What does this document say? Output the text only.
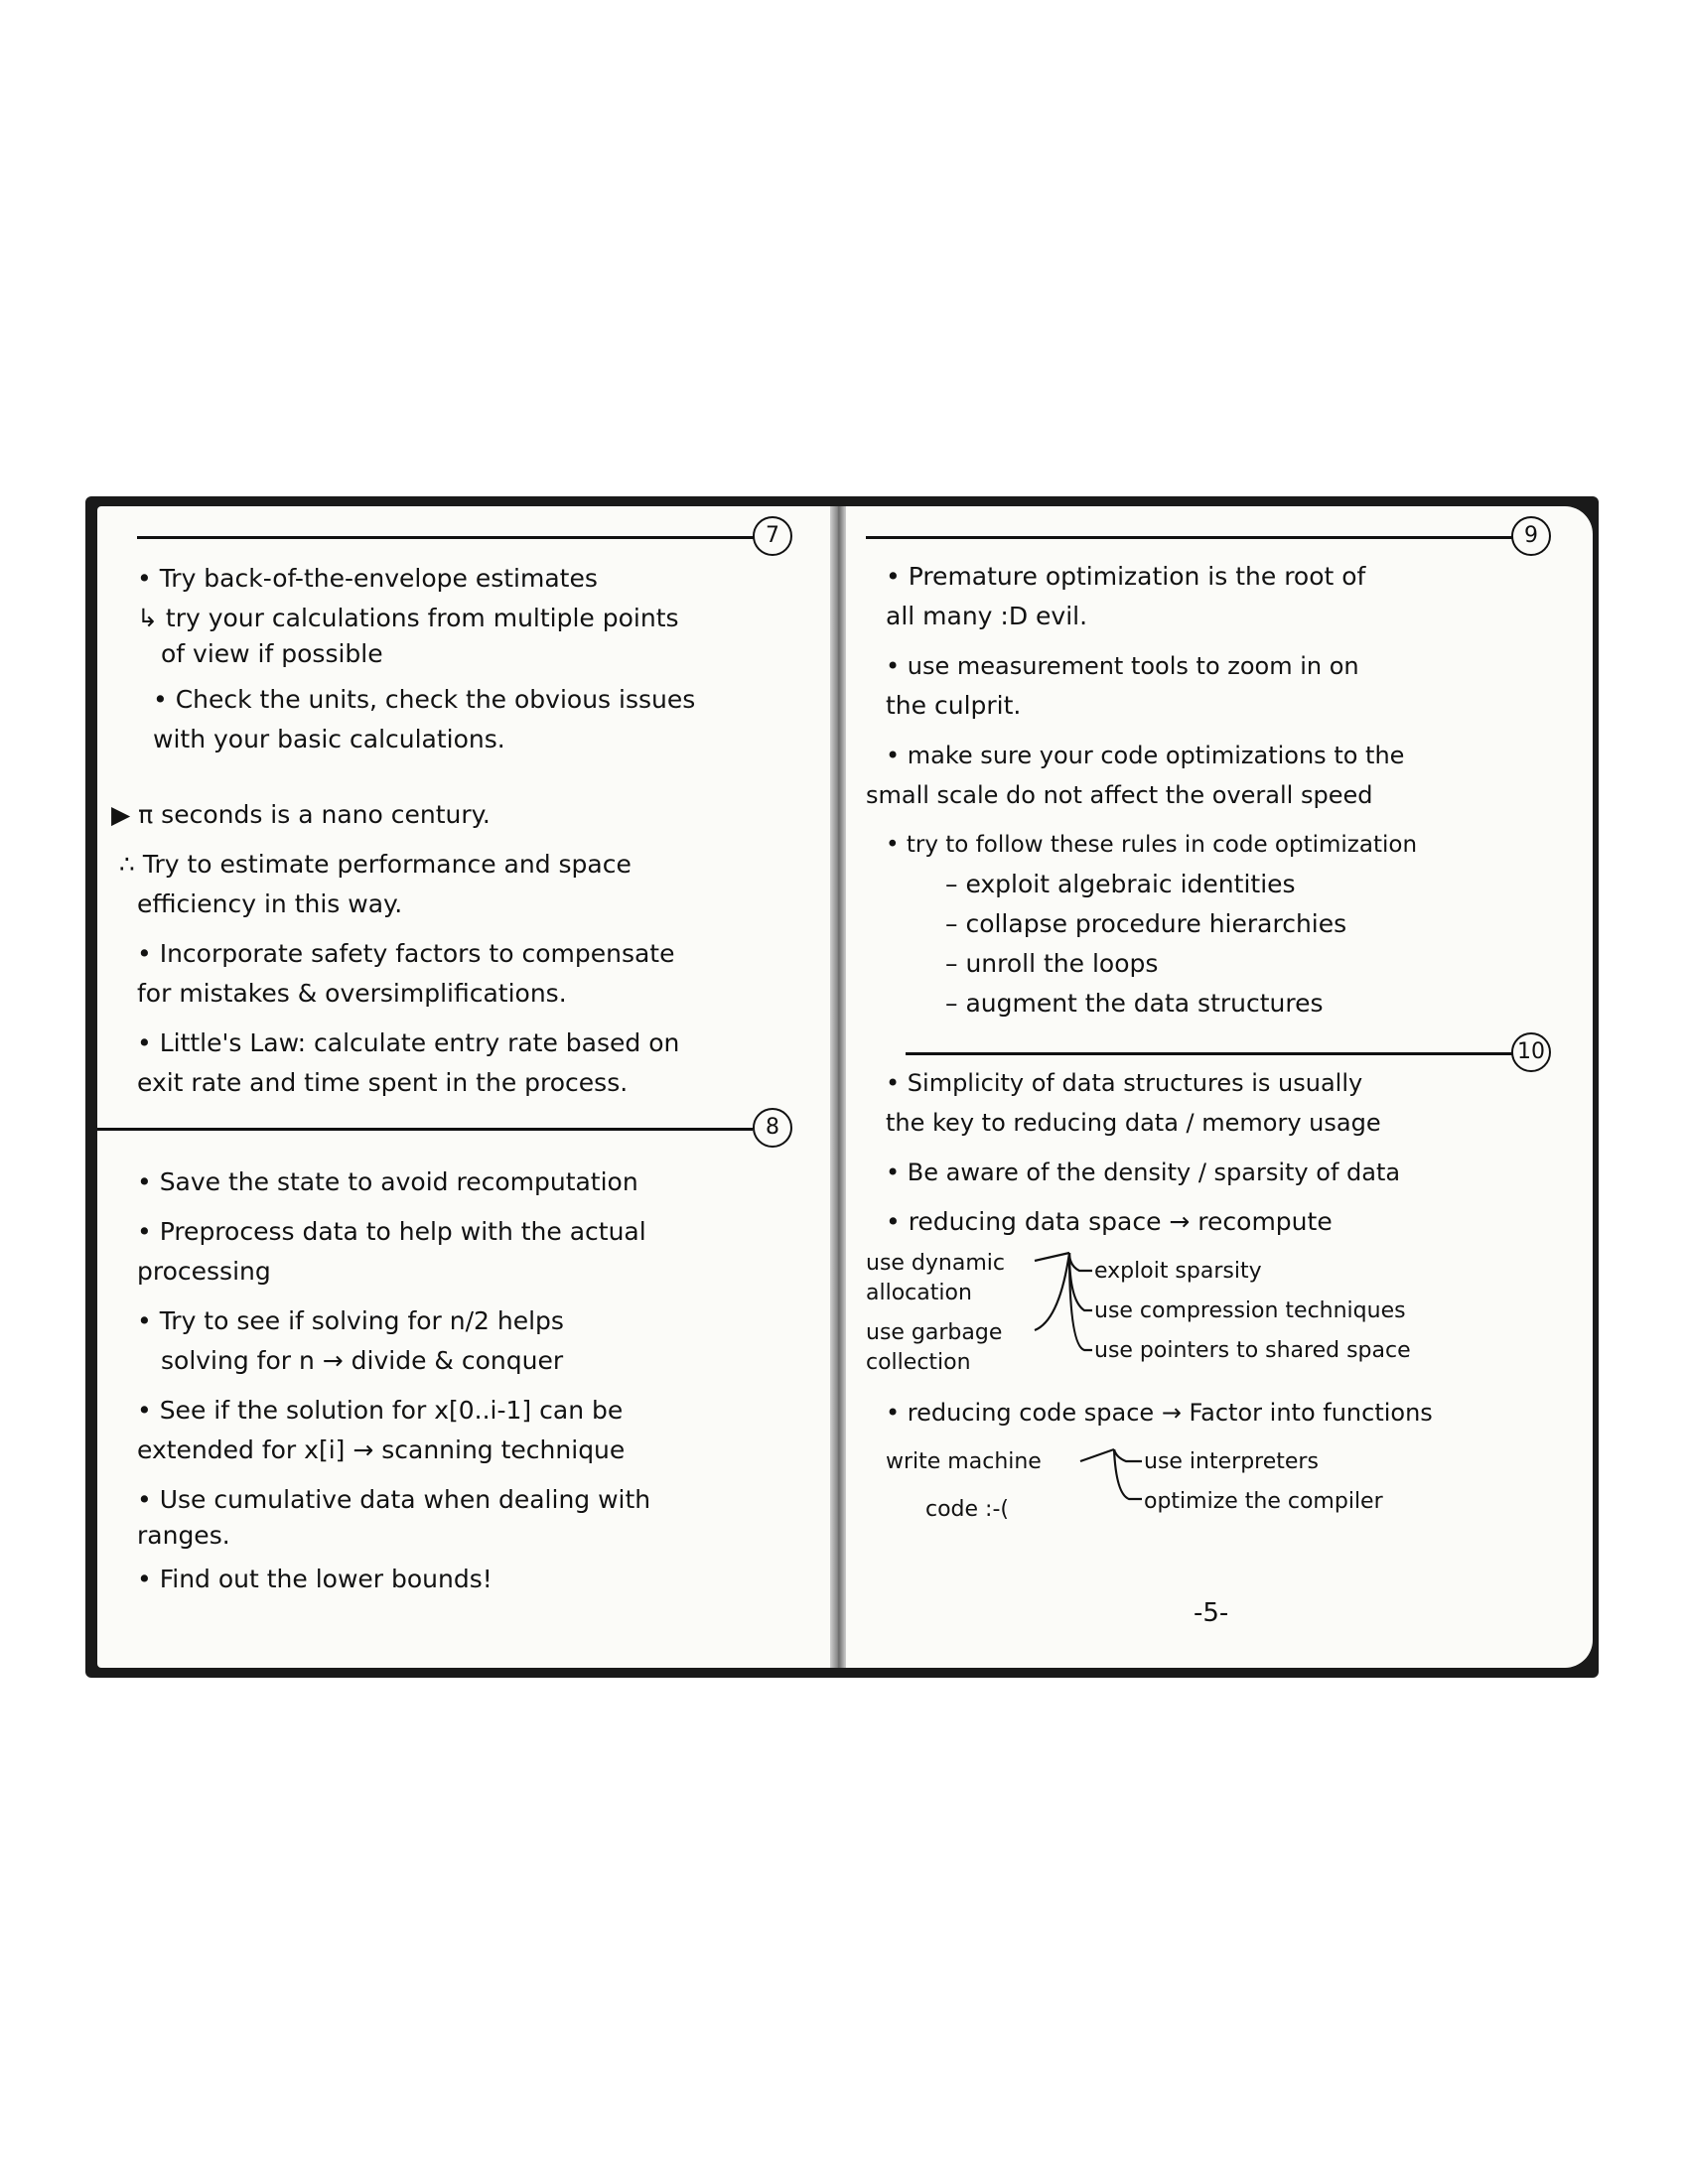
7
• Try back-of-the-envelope estimates
↳ try your calculations from multiple points
of view if possible
• Check the units, check the obvious issues
with your basic calculations.
▶ π seconds is a nano century.
∴ Try to estimate performance and space
efficiency in this way.
• Incorporate safety factors to compensate
for mistakes & oversimplifications.
• Little's Law: calculate entry rate based on
exit rate and time spent in the process.
8
• Save the state to avoid recomputation
• Preprocess data to help with the actual
processing
• Try to see if solving for n/2 helps
solving for n → divide & conquer
• See if the solution for x[0..i-1] can be
extended for x[i] → scanning technique
• Use cumulative data when dealing with
ranges.
• Find out the lower bounds!
9
• Premature optimization is the root of
all many :D evil.
• use measurement tools to zoom in on
the culprit.
• make sure your code optimizations to the
small scale do not affect the overall speed
• try to follow these rules in code optimization
– exploit algebraic identities
– collapse procedure hierarchies
– unroll the loops
– augment the data structures
10
• Simplicity of data structures is usually
the key to reducing data / memory usage
• Be aware of the density / sparsity of data
• reducing data space → recompute
use dynamic
allocation
use garbage
collection
exploit sparsity
use compression techniques
use pointers to shared space
• reducing code space → Factor into functions
write machine
code :-(
use interpreters
optimize the compiler
-5-
